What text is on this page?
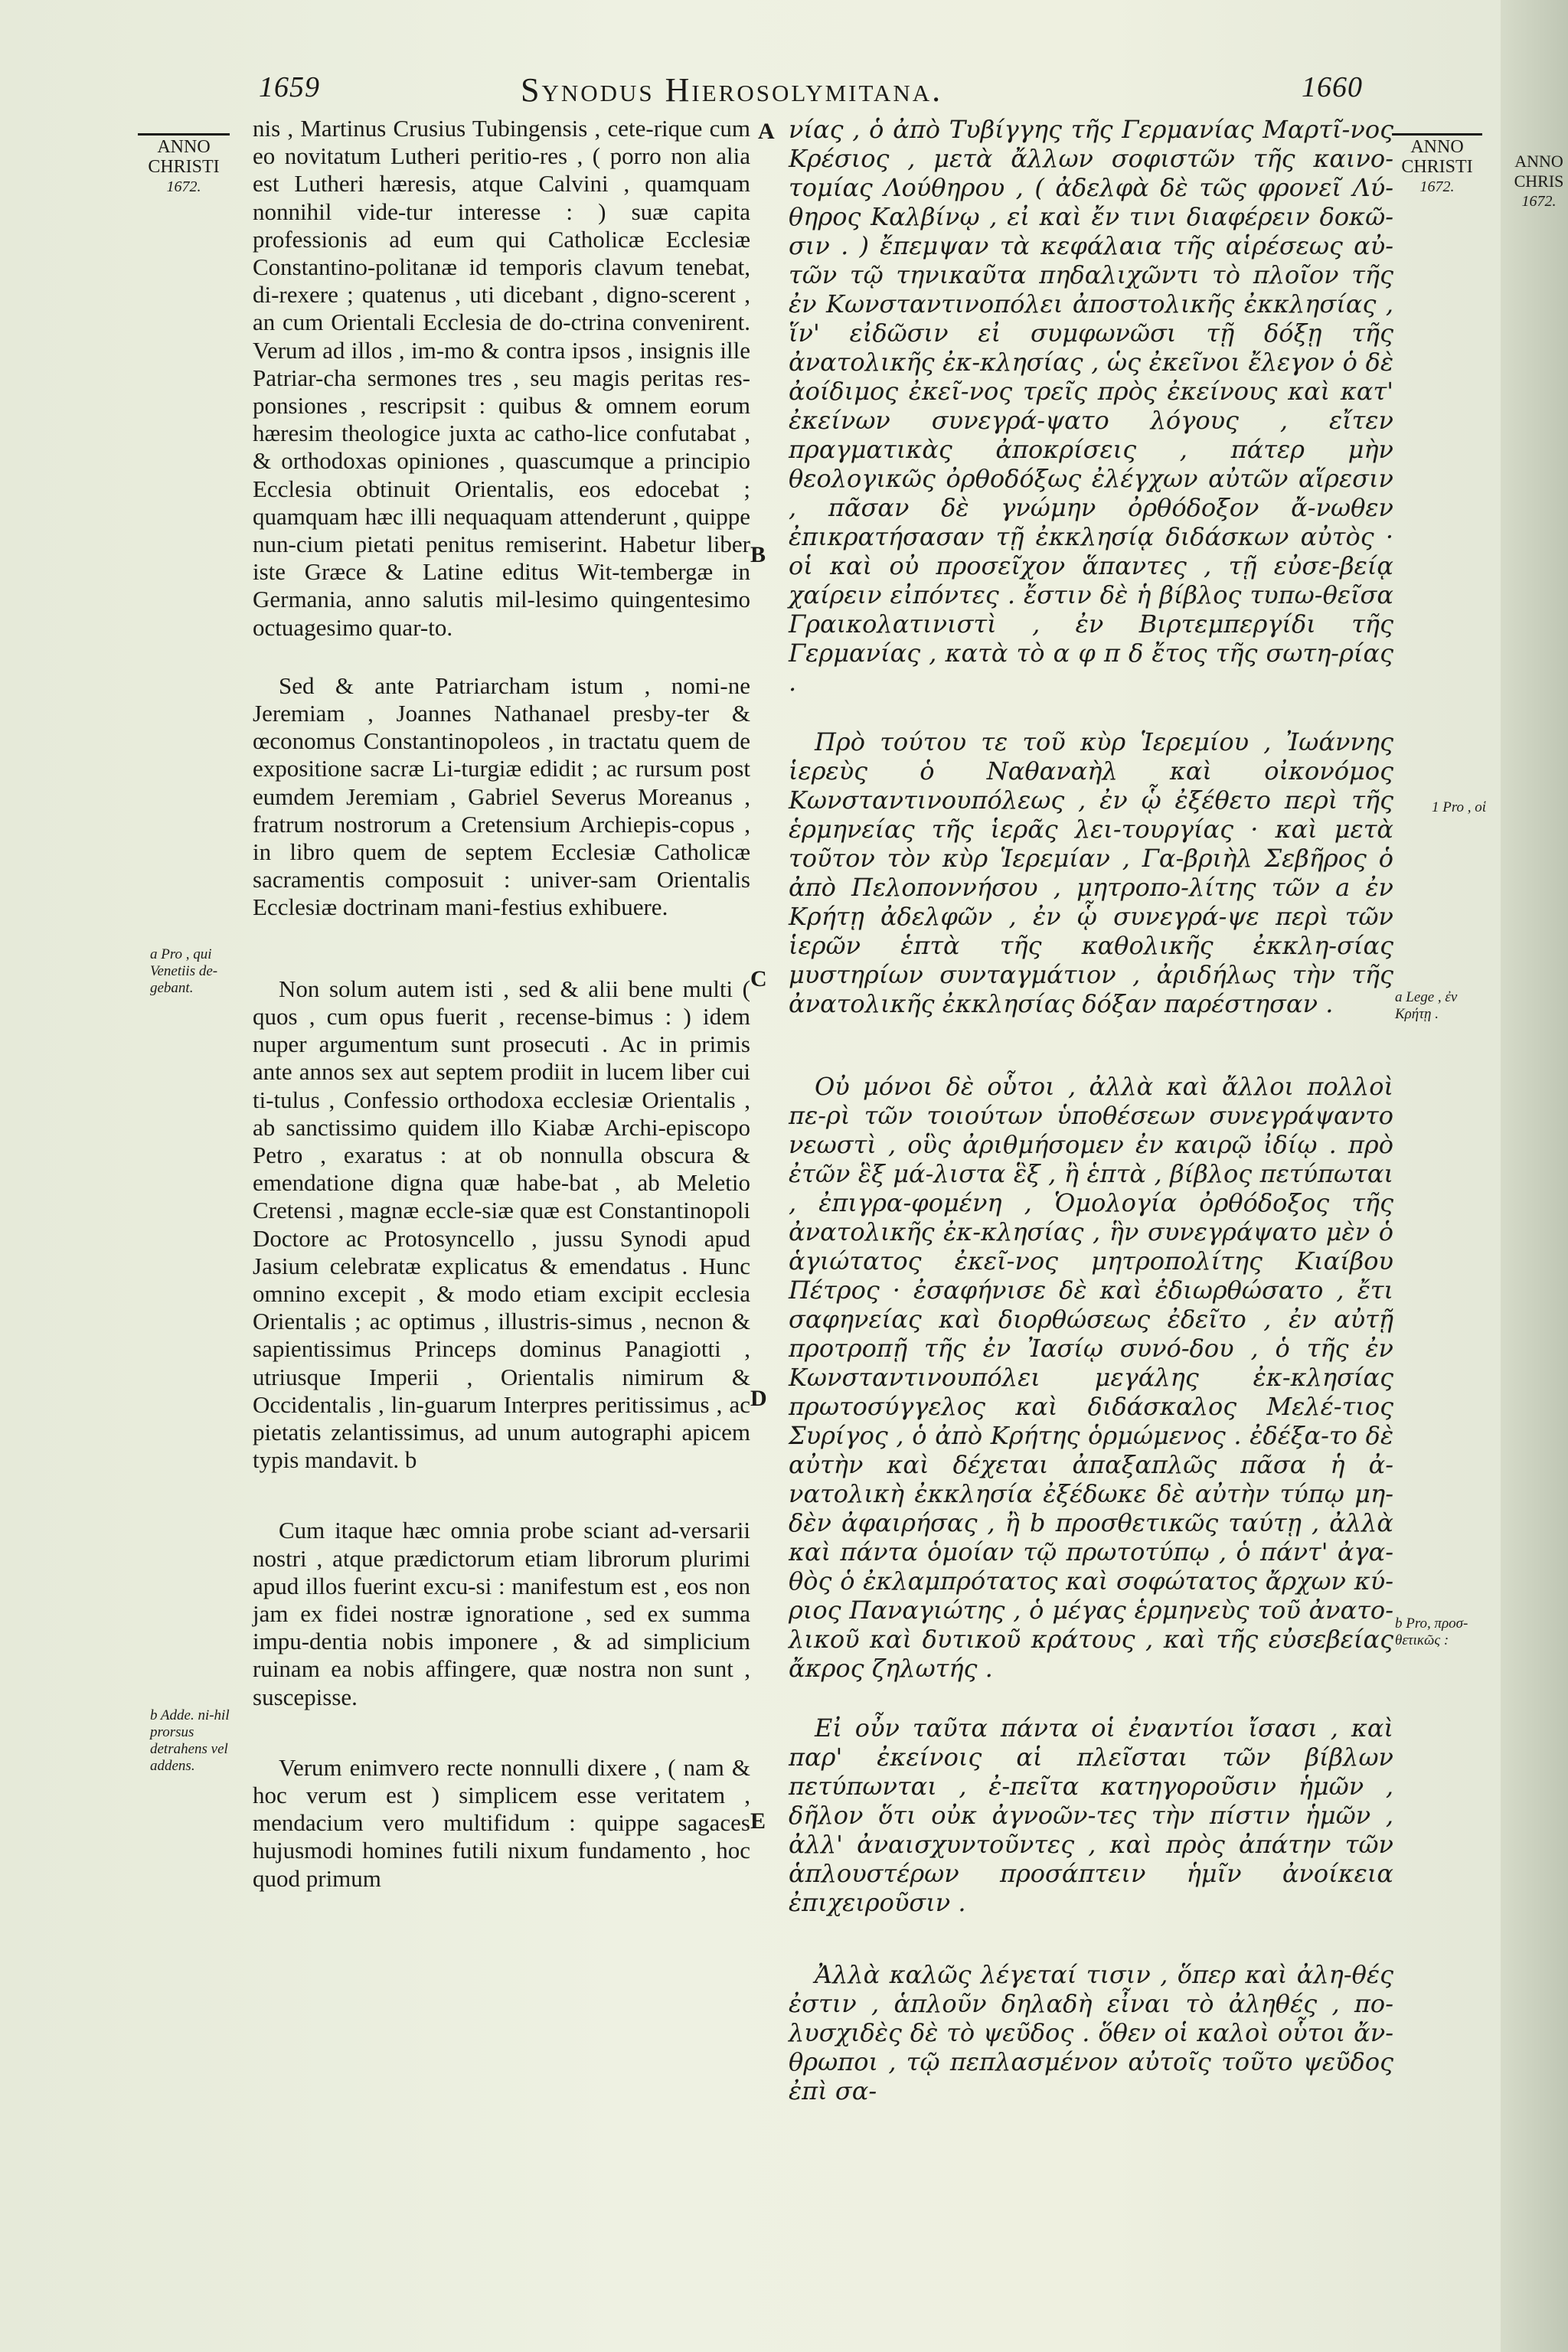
1659	Synodus Hierosolymitana.	1660
ANNO
CHRISTI
1672.
ANNO
CHRISTI
1672.
ANNO
CHRIS
1672.
A
B
C
D
E

nis , Martinus Crusius Tubingensis , cete-rique cum eo novitatum Lutheri peritio-res , ( porro non alia est Lutheri hæresis, atque Calvini , quamquam nonnihil vide-tur interesse : ) suæ capita professionis ad eum qui Catholicæ Ecclesiæ Constantino-politanæ id temporis clavum tenebat, di-rexere ; quatenus , uti dicebant , digno-scerent , an cum Orientali Ecclesia de do-ctrina convenirent. Verum ad illos , im-mo & contra ipsos , insignis ille Patriar-cha sermones tres , seu magis peritas res-ponsiones , rescripsit : quibus & omnem eorum hæresim theologice juxta ac catho-lice confutabat , & orthodoxas opiniones , quascumque a principio Ecclesia obtinuit Orientalis, eos edocebat ; quamquam hæc illi nequaquam attenderunt , quippe nun-cium pietati penitus remiserint. Habetur liber iste Græce & Latine editus Wit-tembergæ in Germania, anno salutis mil-lesimo quingentesimo octuagesimo quar-to.

Sed & ante Patriarcham istum , nomi-ne Jeremiam , Joannes Nathanael presby-ter & œconomus Constantinopoleos , in tractatu quem de expositione sacræ Li-turgiæ edidit ; ac rursum post eumdem Jeremiam , Gabriel Severus Moreanus , fratrum nostrorum a Cretensium Archiepis-copus , in libro quem de septem Ecclesiæ Catholicæ sacramentis composuit : univer-sam Orientalis Ecclesiæ doctrinam mani-festius exhibuere.

Non solum autem isti , sed & alii bene multi ( quos , cum opus fuerit , recense-bimus : ) idem nuper argumentum sunt prosecuti . Ac in primis ante annos sex aut septem prodiit in lucem liber cui ti-tulus , Confessio orthodoxa ecclesiæ Orientalis , ab sanctissimo quidem illo Kiabæ Archi-episcopo Petro , exaratus : at ob nonnulla obscura & emendatione digna quæ habe-bat , ab Meletio Cretensi , magnæ eccle-siæ quæ est Constantinopoli Doctore ac Protosyncello , jussu Synodi apud Jasium celebratæ explicatus & emendatus . Hunc omnino excepit , & modo etiam excipit ecclesia Orientalis ; ac optimus , illustris-simus , necnon & sapientissimus Princeps dominus Panagiotti , utriusque Imperii , Orientalis nimirum & Occidentalis , lin-guarum Interpres peritissimus , ac pietatis zelantissimus, ad unum autographi apicem typis mandavit. b

Cum itaque hæc omnia probe sciant ad-versarii nostri , atque prædictorum etiam librorum plurimi apud illos fuerint excu-si : manifestum est , eos non jam ex fidei nostræ ignoratione , sed ex summa impu-dentia nobis imponere , & ad simplicium ruinam ea nobis affingere, quæ nostra non sunt , suscepisse.

Verum enimvero recte nonnulli dixere , ( nam & hoc verum est ) simplicem esse veritatem , mendacium vero multifidum : quippe sagaces hujusmodi homines futili nixum fundamento , hoc quod primum

νίας , ὁ ἀπὸ Τυβίγγης τῆς Γερμανίας Μαρτῖ-νος Κρέσιος , μετὰ ἄλλων σοφιστῶν τῆς καινο-τομίας Λούθηρου , ( ἀδελφὰ δὲ τῶς φρονεῖ Λύ-θηρος Καλβίνῳ , εἰ καὶ ἔν τινι διαφέρειν δοκῶ-σιν . ) ἔπεμψαν τὰ κεφάλαια τῆς αἱρέσεως αὐ-τῶν τῷ τηνικαῦτα πηδαλιχῶντι τὸ πλοῖον τῆς ἐν Κωνσταντινοπόλει ἀποστολικῆς ἐκκλησίας , ἵν' εἰδῶσιν εἰ συμφωνῶσι τῇ δόξῃ τῆς ἀνατολικῆς ἐκ-κλησίας , ὡς ἐκεῖνοι ἔλεγον ὁ δὲ ἀοίδιμος ἐκεῖ-νος τρεῖς πρὸς ἐκείνους καὶ κατ' ἐκείνων συνεγρά-ψατο λόγους , εἴτεν πραγματικὰς ἀποκρίσεις , πάτερ μὴν θεολογικῶς ὀρθοδόξως ἐλέγχων αὐτῶν αἵρεσιν , πᾶσαν δὲ γνώμην ὀρθόδοξον ἄ-νωθεν ἐπικρατήσασαν τῇ ἐκκλησίᾳ διδάσκων αὐτὸς · οἱ καὶ οὐ προσεῖχον ἅπαντες , τῇ εὐσε-βείᾳ χαίρειν εἰπόντες . ἔστιν δὲ ἡ βίβλος τυπω-θεῖσα Γραικολατινιστὶ , ἐν Βιρτεμπεργίδι τῆς Γερμανίας , κατὰ τὸ α φ π δ ἔτος τῆς σωτη-ρίας .

Πρὸ τούτου τε τοῦ κὺρ Ἱερεμίου , Ἰωάννης ἱερεὺς ὁ Ναθαναὴλ καὶ οἰκονόμος Κωνσταντινουπόλεως , ἐν ᾧ ἐξέθετο περὶ τῆς ἑρμηνείας τῆς ἱερᾶς λει-τουργίας · καὶ μετὰ τοῦτον τὸν κὺρ Ἱερεμίαν , Γα-βριὴλ Σεβῆρος ὁ ἀπὸ Πελοποννήσου , μητροπο-λίτης τῶν a ἐν Κρήτῃ ἀδελφῶν , ἐν ᾧ συνεγρά-ψε περὶ τῶν ἱερῶν ἑπτὰ τῆς καθολικῆς ἐκκλη-σίας μυστηρίων συνταγμάτιον , ἀριδήλως τὴν τῆς ἀνατολικῆς ἐκκλησίας δόξαν παρέστησαν .

Οὐ μόνοι δὲ οὗτοι , ἀλλὰ καὶ ἄλλοι πολλοὶ πε-ρὶ τῶν τοιούτων ὑποθέσεων συνεγράψαντο νεωστὶ , οὓς ἀριθμήσομεν ἐν καιρῷ ἰδίῳ . πρὸ ἐτῶν ἓξ μά-λιστα ἓξ , ἢ ἑπτὰ , βίβλος πετύπωται , ἐπιγρα-φομένη , Ὁμολογία ὀρθόδοξος τῆς ἀνατολικῆς ἐκ-κλησίας , ἣν συνεγράψατο μὲν ὁ ἁγιώτατος ἐκεῖ-νος μητροπολίτης Κιαίβου Πέτρος · ἐσαφήνισε δὲ καὶ ἐδιωρθώσατο , ἔτι σαφηνείας καὶ διορθώσεως ἐδεῖτο , ἐν αὐτῇ προτροπῇ τῆς ἐν Ἰασίῳ συνό-δου , ὁ τῆς ἐν Κωνσταντινουπόλει μεγάλης ἐκ-κλησίας πρωτοσύγγελος καὶ διδάσκαλος Μελέ-τιος Συρίγος , ὁ ἀπὸ Κρήτης ὁρμώμενος . ἐδέξα-το δὲ αὐτὴν καὶ δέχεται ἀπαξαπλῶς πᾶσα ἡ ἀ-νατολικὴ ἐκκλησία ἐξέδωκε δὲ αὐτὴν τύπῳ μη-δὲν ἀφαιρήσας , ἢ b προσθετικῶς ταύτῃ , ἀλλὰ καὶ πάντα ὁμοίαν τῷ πρωτοτύπῳ , ὁ πάντ' ἀγα-θὸς ὁ ἐκλαμπρότατος καὶ σοφώτατος ἄρχων κύ-ριος Παναγιώτης , ὁ μέγας ἑρμηνεὺς τοῦ ἀνατο-λικοῦ καὶ δυτικοῦ κράτους , καὶ τῆς εὐσεβείας ἄκρος ζηλωτής .

Εἰ οὖν ταῦτα πάντα οἱ ἐναντίοι ἴσασι , καὶ παρ' ἐκείνοις αἱ πλεῖσται τῶν βίβλων πετύπωνται , ἐ-πεῖτα κατηγοροῦσιν ἡμῶν , δῆλον ὅτι οὐκ ἀγνοῶν-τες τὴν πίστιν ἡμῶν , ἀλλ' ἀναισχυντοῦντες , καὶ πρὸς ἀπάτην τῶν ἁπλουστέρων προσάπτειν ἡμῖν ἀνοίκεια ἐπιχειροῦσιν .

Ἀλλὰ καλῶς λέγεταί τισιν , ὅπερ καὶ ἀλη-θές ἐστιν , ἁπλοῦν δηλαδὴ εἶναι τὸ ἀληθές , πο-λυσχιδὲς δὲ τὸ ψεῦδος . ὅθεν οἱ καλοὶ οὗτοι ἄν-θρωποι , τῷ πεπλασμένον αὐτοῖς τοῦτο ψεῦδος ἐπὶ σα-

a Pro , qui Venetiis de-gebant.
b Adde. ni-hil prorsus detrahens vel addens.
a Lege , ἐν Κρήτῃ .
b Pro, προσ-θετικῶς :
1 Pro , οἱ
